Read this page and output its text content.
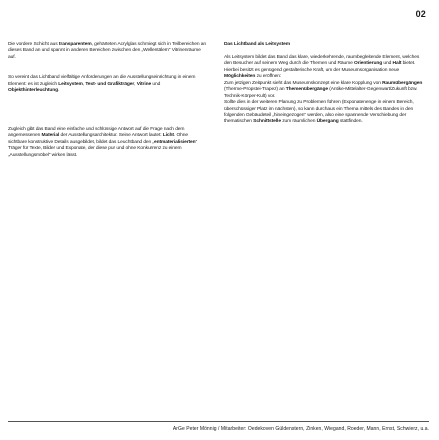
02

Die vordere Schicht aus transparentem, gehärteten Acrylglas schmiegt sich in Teilbereichen an dieses Band an und spannt in anderen Bereichen zwischen den „Wellentälern“ Vitrinenräume auf.

So vereint das Lichtband vielfältige Anforderungen an die Ausstellungseinrichtung in einem Element: es ist zugleich Leitsystem, Text- und Grafikträger, Vitrine und Objekthinterleuchtung.

Zugleich gibt das Band eine einfache und schlüssige Antwort auf die Frage nach dem angemessenen Material der Ausstellungsarchitektur. Seine Antwort lautet: Licht. Ohne sichtbare konstruktive Details ausgebildet, bildet das Leuchtband den „entmaterialisierten“ Träger für Texte, Bilder und Exponate, der diese pur und ohne Konkurrenz zu einem „Ausstellungsmöbel“ wirken lässt.

Das Lichtband als Leitsystem

Als Leitsystem bildet das Band das klare, wiederkehrende, raumbegleitende Element, welches den Besucher auf seinem Weg durch die Themen und Räume Orientierung und Halt bietet. Hierbei besitzt es genügend gestalterische Kraft, um der Museumsorganisation neue Möglichkeiten zu eröffnen:

Zum jetzigen Zeitpunkt sieht das Museumskonzept eine klare Kopplung von Raumübergängen (Therme-Propstei-Trapez) an Themenübergänge (Antike-Mittelalter-Gegenwart/Zukunft bzw. Technik-Körper-Kult) vor.

Sollte dies in der weiteren Planung zu Problemen führen (Exponatenenge in einem Bereich, überschüssiger Platz im nächsten), so kann durchaus ein Thema mittels des Bandes in den folgenden Gebäudeteil „hineingezogen“ werden, also eine spannende Verschiebung der thematischen Schnittstelle zum räumlichen Übergang stattfinden.

ArGe Peter Mönnig / Mitarbeiter: Oedekoven Güldenstern, Zinken, Wiegand, Roeder, Mann, Ernst, Schwierz, u.a.
